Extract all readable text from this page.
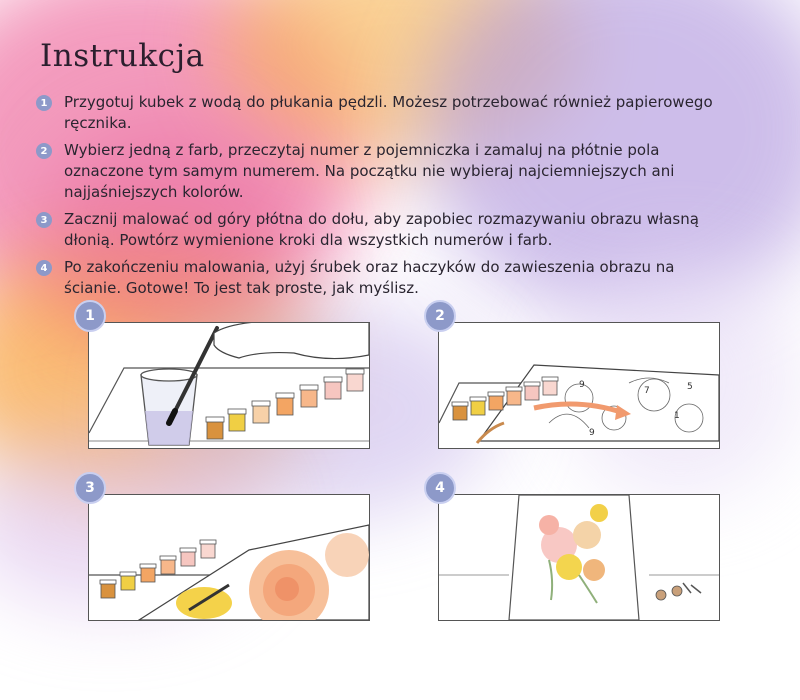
Instrukcja
1	Przygotuj kubek z wodą do płukania pędzli. Możesz potrzebować również papierowego ręcznika.
2	Wybierz jedną z farb, przeczytaj numer z pojemniczka i zamaluj na płótnie pola oznaczone tym samym numerem. Na początku nie wybieraj najciemniejszych ani najjaśniejszych kolorów.
3	Zacznij malować od góry płótna do dołu, aby zapobiec rozmazywaniu obrazu własną dłonią. Powtórz wymienione kroki dla wszystkich numerów i farb.
4	Po zakończeniu malowania, użyj śrubek oraz haczyków do zawieszenia obrazu na ścianie. Gotowe! To jest tak proste, jak myślisz.
1	2
9
1
7
9
5
3	4
